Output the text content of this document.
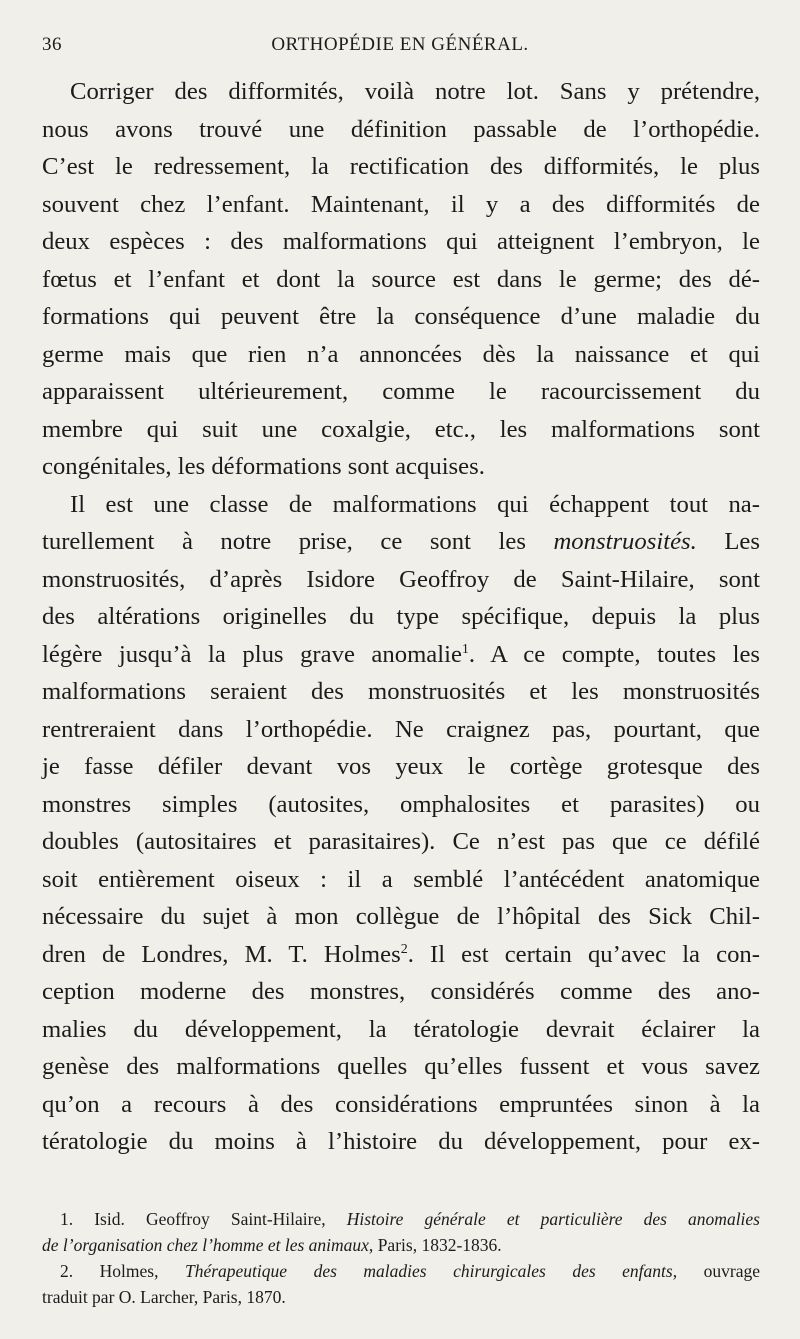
36	ORTHOPÉDIE EN GÉNÉRAL.

Corriger des difformités, voilà notre lot. Sans y prétendre,
nous avons trouvé une définition passable de l’orthopédie.
C’est le redressement, la rectification des difformités, le plus
souvent chez l’enfant. Maintenant, il y a des difformités de
deux espèces : des malformations qui atteignent l’embryon, le
fœtus et l’enfant et dont la source est dans le germe; des dé-
formations qui peuvent être la conséquence d’une maladie du
germe mais que rien n’a annoncées dès la naissance et qui
apparaissent ultérieurement, comme le racourcissement du
membre qui suit une coxalgie, etc., les malformations sont
congénitales, les déformations sont acquises.

Il est une classe de malformations qui échappent tout na-
turellement à notre prise, ce sont les monstruosités. Les
monstruosités, d’après Isidore Geoffroy de Saint-Hilaire, sont
des altérations originelles du type spécifique, depuis la plus
légère jusqu’à la plus grave anomalie$^1$. A ce compte, toutes les
malformations seraient des monstruosités et les monstruosités
rentreraient dans l’orthopédie. Ne craignez pas, pourtant, que
je fasse défiler devant vos yeux le cortège grotesque des
monstres simples (autosites, omphalosites et parasites) ou
doubles (autositaires et parasitaires). Ce n’est pas que ce défilé
soit entièrement oiseux : il a semblé l’antécédent anatomique
nécessaire du sujet à mon collègue de l’hôpital des Sick Chil-
dren de Londres, M. T. Holmes$^2$. Il est certain qu’avec la con-
ception moderne des monstres, considérés comme des ano-
malies du développement, la tératologie devrait éclairer la
genèse des malformations quelles qu’elles fussent et vous savez
qu’on a recours à des considérations empruntées sinon à la
tératologie du moins à l’histoire du développement, pour ex-

1. Isid. Geoffroy Saint-Hilaire, Histoire générale et particulière des anomalies
de l’organisation chez l’homme et les animaux, Paris, 1832-1836.

2. Holmes, Thérapeutique des maladies chirurgicales des enfants, ouvrage
traduit par O. Larcher, Paris, 1870.
